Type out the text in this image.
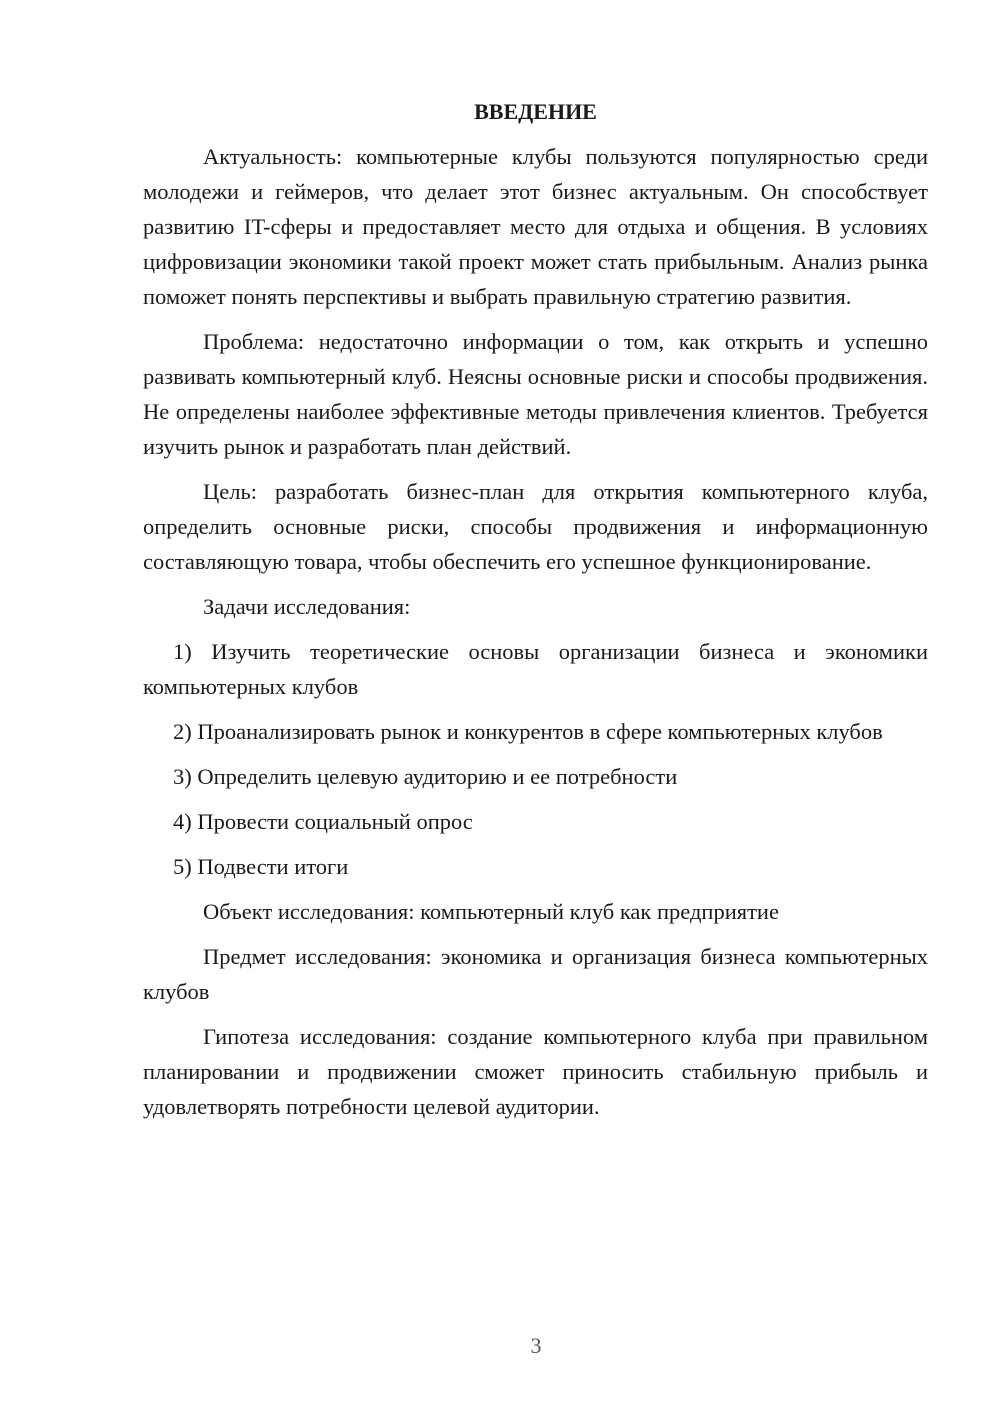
ВВЕДЕНИЕ

Актуальность: компьютерные клубы пользуются популярностью среди молодежи и геймеров, что делает этот бизнес актуальным. Он способствует развитию IT-сферы и предоставляет место для отдыха и общения. В условиях цифровизации экономики такой проект может стать прибыльным. Анализ рынка поможет понять перспективы и выбрать правильную стратегию развития.

Проблема: недостаточно информации о том, как открыть и успешно развивать компьютерный клуб. Неясны основные риски и способы продвижения. Не определены наиболее эффективные методы привлечения клиентов. Требуется изучить рынок и разработать план действий.

Цель: разработать бизнес-план для открытия компьютерного клуба, определить основные риски, способы продвижения и информационную составляющую товара, чтобы обеспечить его успешное функционирование.

Задачи исследования:

1) Изучить теоретические основы организации бизнеса и экономики компьютерных клубов

2) Проанализировать рынок и конкурентов в сфере компьютерных клубов

3) Определить целевую аудиторию и ее потребности

4) Провести социальный опрос

5) Подвести итоги

Объект исследования: компьютерный клуб как предприятие

Предмет исследования: экономика и организация бизнеса компьютерных клубов

Гипотеза исследования: создание компьютерного клуба при правильном планировании и продвижении сможет приносить стабильную прибыль и удовлетворять потребности целевой аудитории.

3
